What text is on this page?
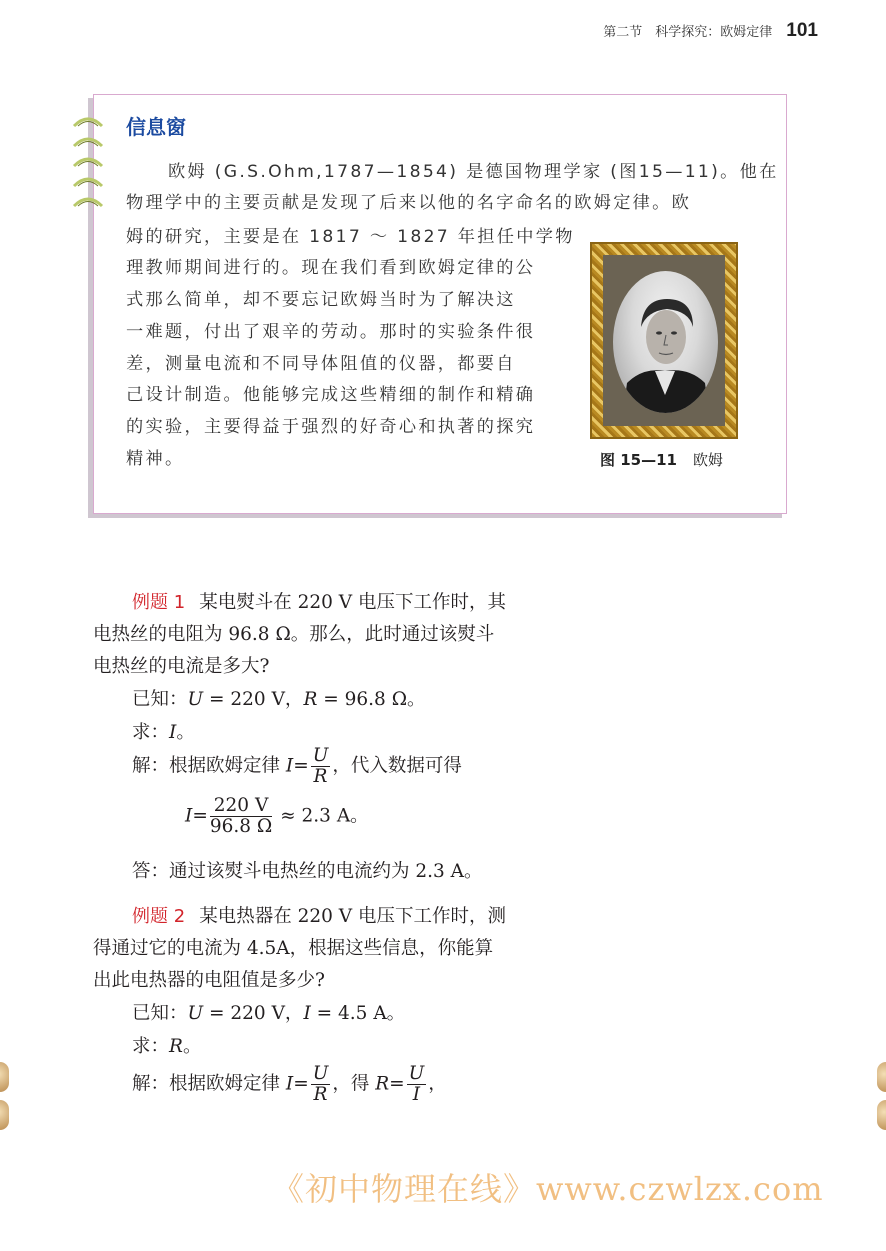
第二节　科学探究：欧姆定律 101
信息窗
欧姆 (G.S.Ohm,1787—1854) 是德国物理学家 (图15—11)。他在
物理学中的主要贡献是发现了后来以他的名字命名的欧姆定律。欧
姆的研究，主要是在 1817 ～ 1827 年担任中学物
理教师期间进行的。现在我们看到欧姆定律的公
式那么简单，却不要忘记欧姆当时为了解决这
一难题，付出了艰辛的劳动。那时的实验条件很
差，测量电流和不同导体阻值的仪器，都要自
己设计制造。他能够完成这些精细的制作和精确
的实验，主要得益于强烈的好奇心和执著的探究
精神。	图 15—11 欧姆
例题 1 某电熨斗在 220 V 电压下工作时，其
电热丝的电阻为 96.8 Ω。那么，此时通过该熨斗
电热丝的电流是多大?
已知：U = 220 V，R = 96.8 Ω。
求：I。
解：根据欧姆定律 $I= \frac{U}{R}$ ，代入数据可得
$I= \frac{220 V}{96.8 \Omega} \approx 2.3$ A。
答：通过该熨斗电热丝的电流约为 2.3 A。
例题 2 某电热器在 220 V 电压下工作时，测
得通过它的电流为 4.5A，根据这些信息，你能算
出此电热器的电阻值是多少?
已知：U = 220 V，I = 4.5 A。
求：R。
解：根据欧姆定律 $I= \frac{U}{R}$ ，得 $R= \frac{U}{I}$ ，
《初中物理在线》www.czwlzx.com
